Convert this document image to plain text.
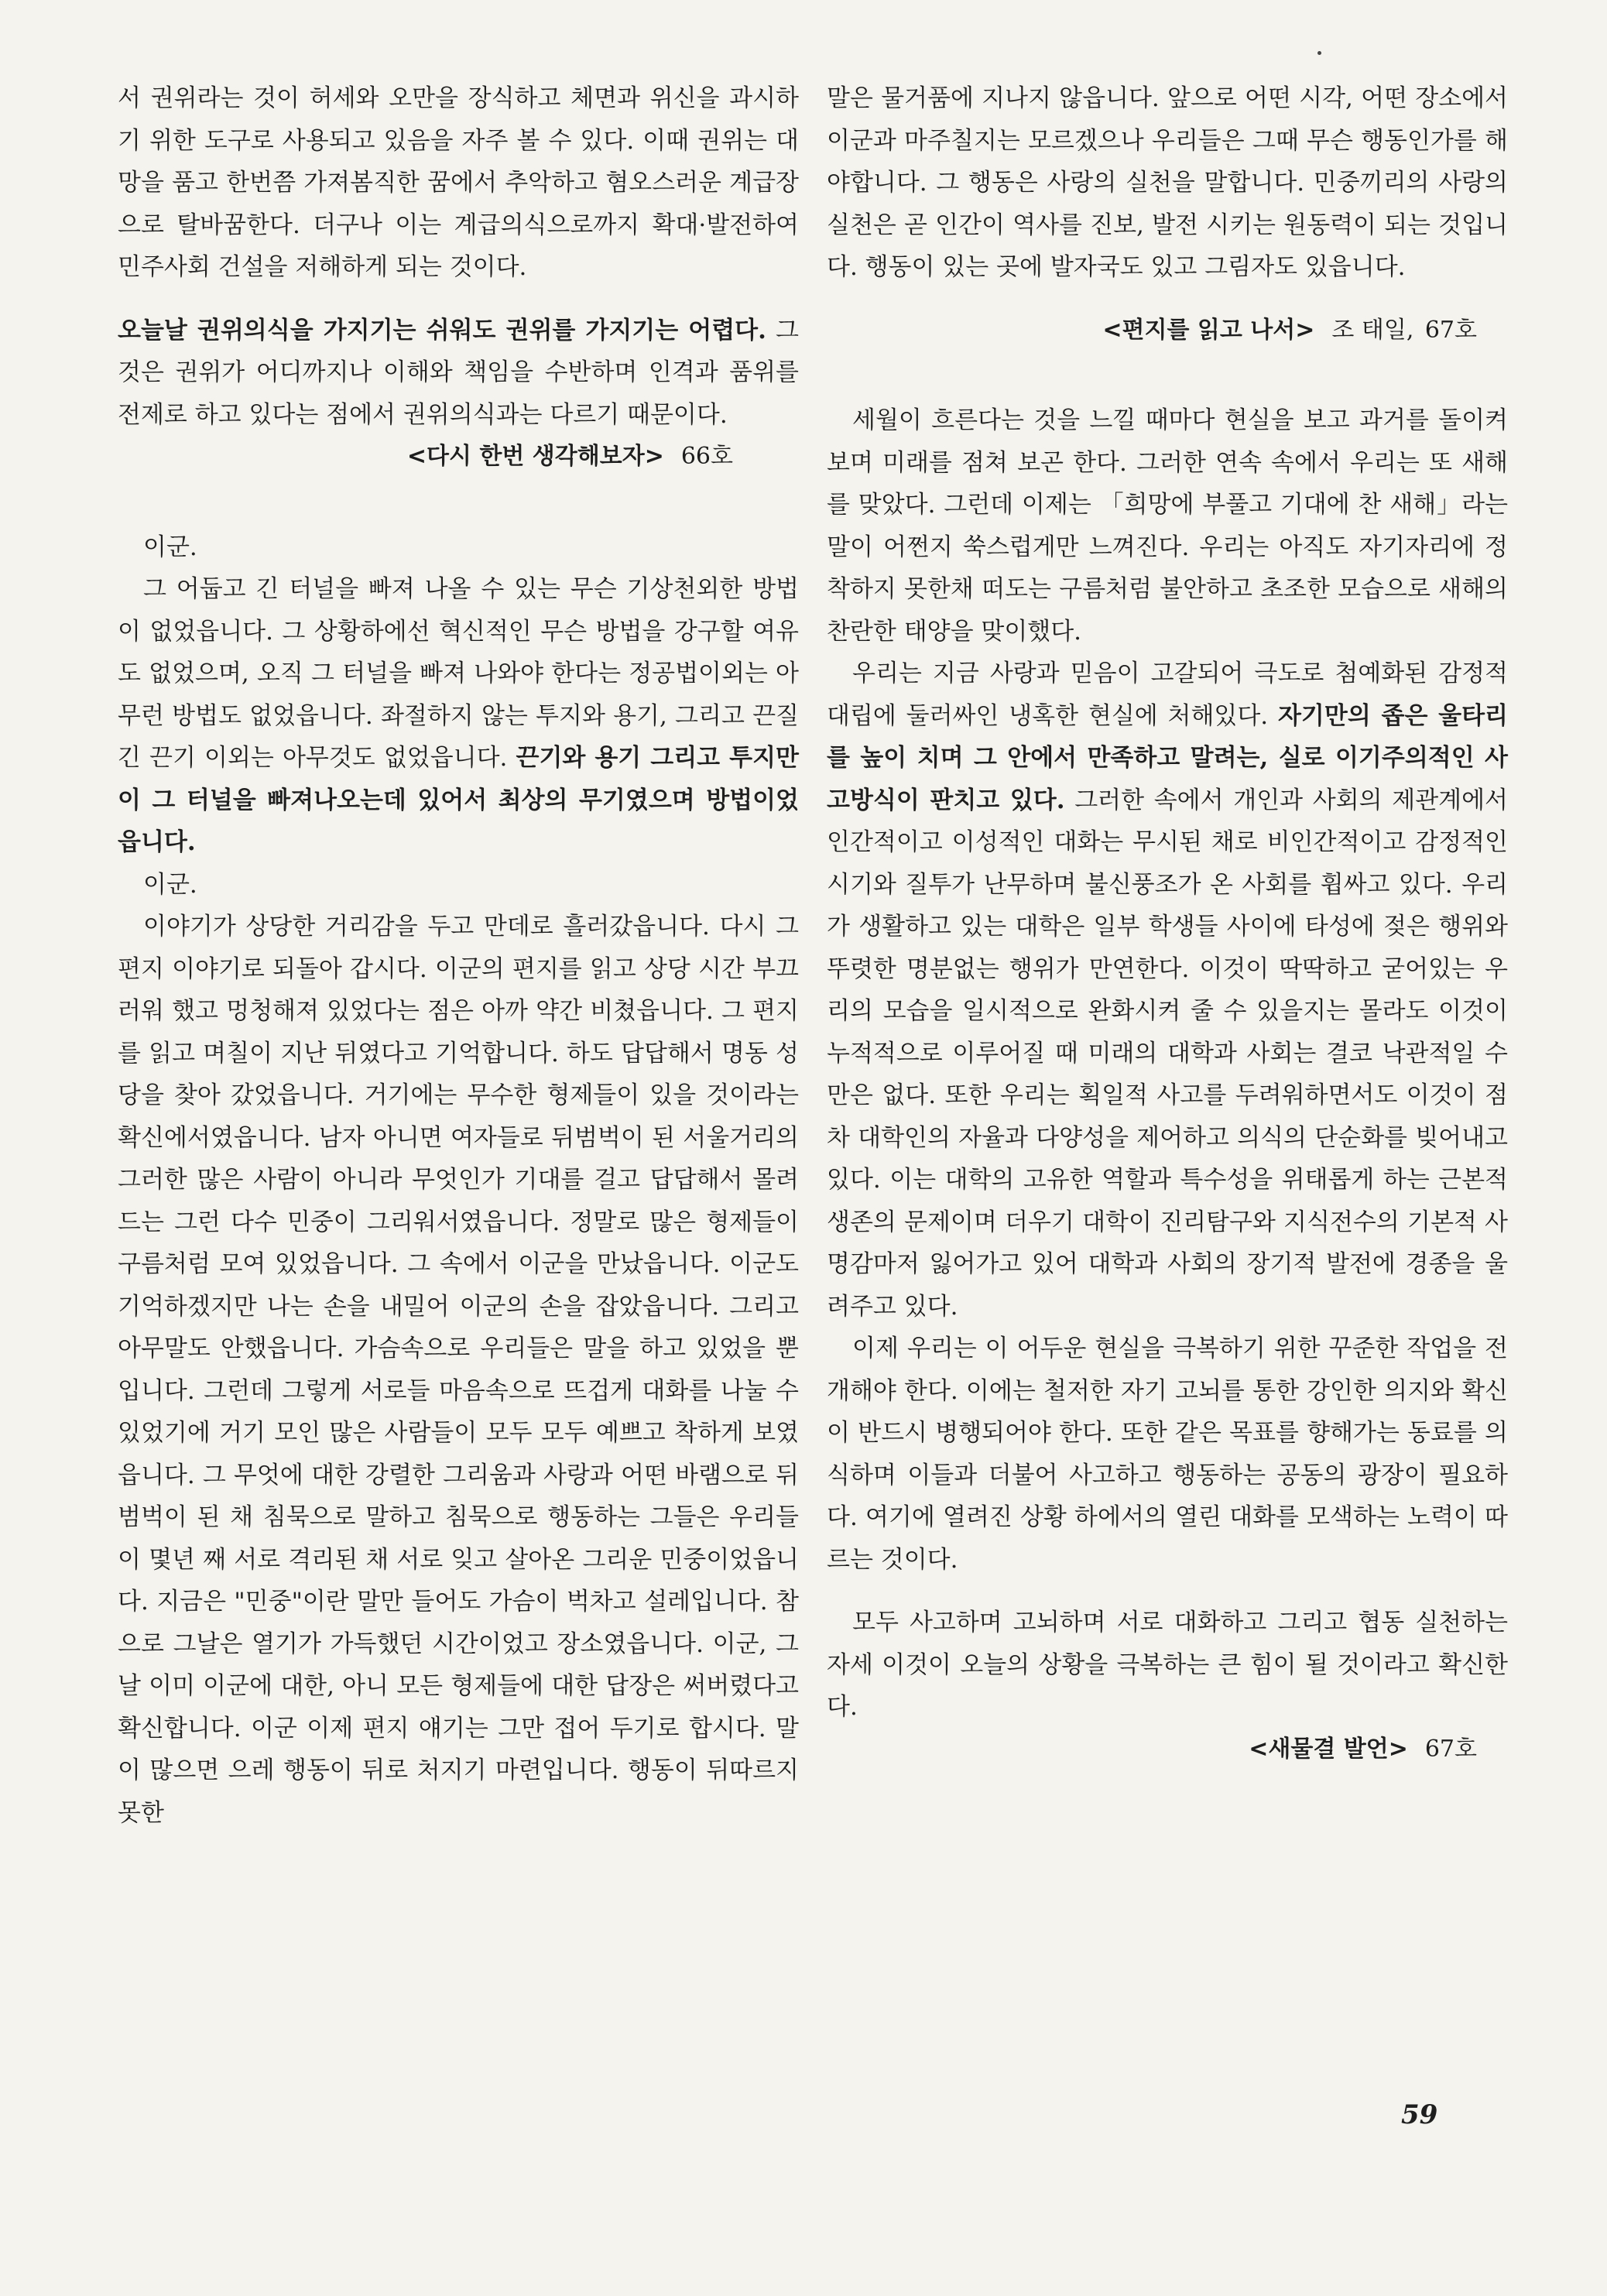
서 권위라는 것이 허세와 오만을 장식하고 체면과 위신을 과시하기 위한 도구로 사용되고 있음을 자주 볼 수 있다. 이때 권위는 대망을 품고 한번쯤 가져봄직한 꿈에서 추악하고 혐오스러운 계급장으로 탈바꿈한다. 더구나 이는 계급의식으로까지 확대·발전하여 민주사회 건설을 저해하게 되는 것이다.

오늘날 권위의식을 가지기는 쉬워도 권위를 가지기는 어렵다. 그것은 권위가 어디까지나 이해와 책임을 수반하며 인격과 품위를 전제로 하고 있다는 점에서 권위의식과는 다르기 때문이다.

<다시 한번 생각해보자> 66호

이군.

그 어둡고 긴 터널을 빠져 나올 수 있는 무슨 기상천외한 방법이 없었읍니다. 그 상황하에선 혁신적인 무슨 방법을 강구할 여유도 없었으며, 오직 그 터널을 빠져 나와야 한다는 정공법이외는 아무런 방법도 없었읍니다. 좌절하지 않는 투지와 용기, 그리고 끈질긴 끈기 이외는 아무것도 없었읍니다. 끈기와 용기 그리고 투지만이 그 터널을 빠져나오는데 있어서 최상의 무기였으며 방법이었읍니다.

이군.

이야기가 상당한 거리감을 두고 만데로 흘러갔읍니다. 다시 그 편지 이야기로 되돌아 갑시다. 이군의 편지를 읽고 상당 시간 부끄러워 했고 멍청해져 있었다는 점은 아까 약간 비쳤읍니다. 그 편지를 읽고 며칠이 지난 뒤였다고 기억합니다. 하도 답답해서 명동 성당을 찾아 갔었읍니다. 거기에는 무수한 형제들이 있을 것이라는 확신에서였읍니다. 남자 아니면 여자들로 뒤범벅이 된 서울거리의 그러한 많은 사람이 아니라 무엇인가 기대를 걸고 답답해서 몰려드는 그런 다수 민중이 그리워서였읍니다. 정말로 많은 형제들이 구름처럼 모여 있었읍니다. 그 속에서 이군을 만났읍니다. 이군도 기억하겠지만 나는 손을 내밀어 이군의 손을 잡았읍니다. 그리고 아무말도 안했읍니다. 가슴속으로 우리들은 말을 하고 있었을 뿐입니다. 그런데 그렇게 서로들 마음속으로 뜨겁게 대화를 나눌 수 있었기에 거기 모인 많은 사람들이 모두 모두 예쁘고 착하게 보였읍니다. 그 무엇에 대한 강렬한 그리움과 사랑과 어떤 바램으로 뒤범벅이 된 채 침묵으로 말하고 침묵으로 행동하는 그들은 우리들이 몇년 째 서로 격리된 채 서로 잊고 살아온 그리운 민중이었읍니다. 지금은 "민중"이란 말만 들어도 가슴이 벅차고 설레입니다. 참으로 그날은 열기가 가득했던 시간이었고 장소였읍니다. 이군, 그날 이미 이군에 대한, 아니 모든 형제들에 대한 답장은 써버렸다고 확신합니다. 이군 이제 편지 얘기는 그만 접어 두기로 합시다. 말이 많으면 으레 행동이 뒤로 처지기 마련입니다. 행동이 뒤따르지 못한

말은 물거품에 지나지 않읍니다. 앞으로 어떤 시각, 어떤 장소에서 이군과 마주칠지는 모르겠으나 우리들은 그때 무슨 행동인가를 해야합니다. 그 행동은 사랑의 실천을 말합니다. 민중끼리의 사랑의 실천은 곧 인간이 역사를 진보, 발전 시키는 원동력이 되는 것입니다. 행동이 있는 곳에 발자국도 있고 그림자도 있읍니다.

<편지를 읽고 나서> 조 태일, 67호

세월이 흐른다는 것을 느낄 때마다 현실을 보고 과거를 돌이켜 보며 미래를 점쳐 보곤 한다. 그러한 연속 속에서 우리는 또 새해를 맞았다. 그런데 이제는 「희망에 부풀고 기대에 찬 새해」라는 말이 어쩐지 쑥스럽게만 느껴진다. 우리는 아직도 자기자리에 정착하지 못한채 떠도는 구름처럼 불안하고 초조한 모습으로 새해의 찬란한 태양을 맞이했다.

우리는 지금 사랑과 믿음이 고갈되어 극도로 첨예화된 감정적 대립에 둘러싸인 냉혹한 현실에 처해있다. 자기만의 좁은 울타리를 높이 치며 그 안에서 만족하고 말려는, 실로 이기주의적인 사고방식이 판치고 있다. 그러한 속에서 개인과 사회의 제관계에서 인간적이고 이성적인 대화는 무시된 채로 비인간적이고 감정적인 시기와 질투가 난무하며 불신풍조가 온 사회를 휩싸고 있다. 우리가 생활하고 있는 대학은 일부 학생들 사이에 타성에 젖은 행위와 뚜렷한 명분없는 행위가 만연한다. 이것이 딱딱하고 굳어있는 우리의 모습을 일시적으로 완화시켜 줄 수 있을지는 몰라도 이것이 누적적으로 이루어질 때 미래의 대학과 사회는 결코 낙관적일 수만은 없다. 또한 우리는 획일적 사고를 두려워하면서도 이것이 점차 대학인의 자율과 다양성을 제어하고 의식의 단순화를 빚어내고 있다. 이는 대학의 고유한 역할과 특수성을 위태롭게 하는 근본적 생존의 문제이며 더우기 대학이 진리탐구와 지식전수의 기본적 사명감마저 잃어가고 있어 대학과 사회의 장기적 발전에 경종을 울려주고 있다.

이제 우리는 이 어두운 현실을 극복하기 위한 꾸준한 작업을 전개해야 한다. 이에는 철저한 자기 고뇌를 통한 강인한 의지와 확신이 반드시 병행되어야 한다. 또한 같은 목표를 향해가는 동료를 의식하며 이들과 더불어 사고하고 행동하는 공동의 광장이 필요하다. 여기에 열려진 상황 하에서의 열린 대화를 모색하는 노력이 따르는 것이다.

모두 사고하며 고뇌하며 서로 대화하고 그리고 협동 실천하는 자세 이것이 오늘의 상황을 극복하는 큰 힘이 될 것이라고 확신한다.

<새물결 발언> 67호

59
